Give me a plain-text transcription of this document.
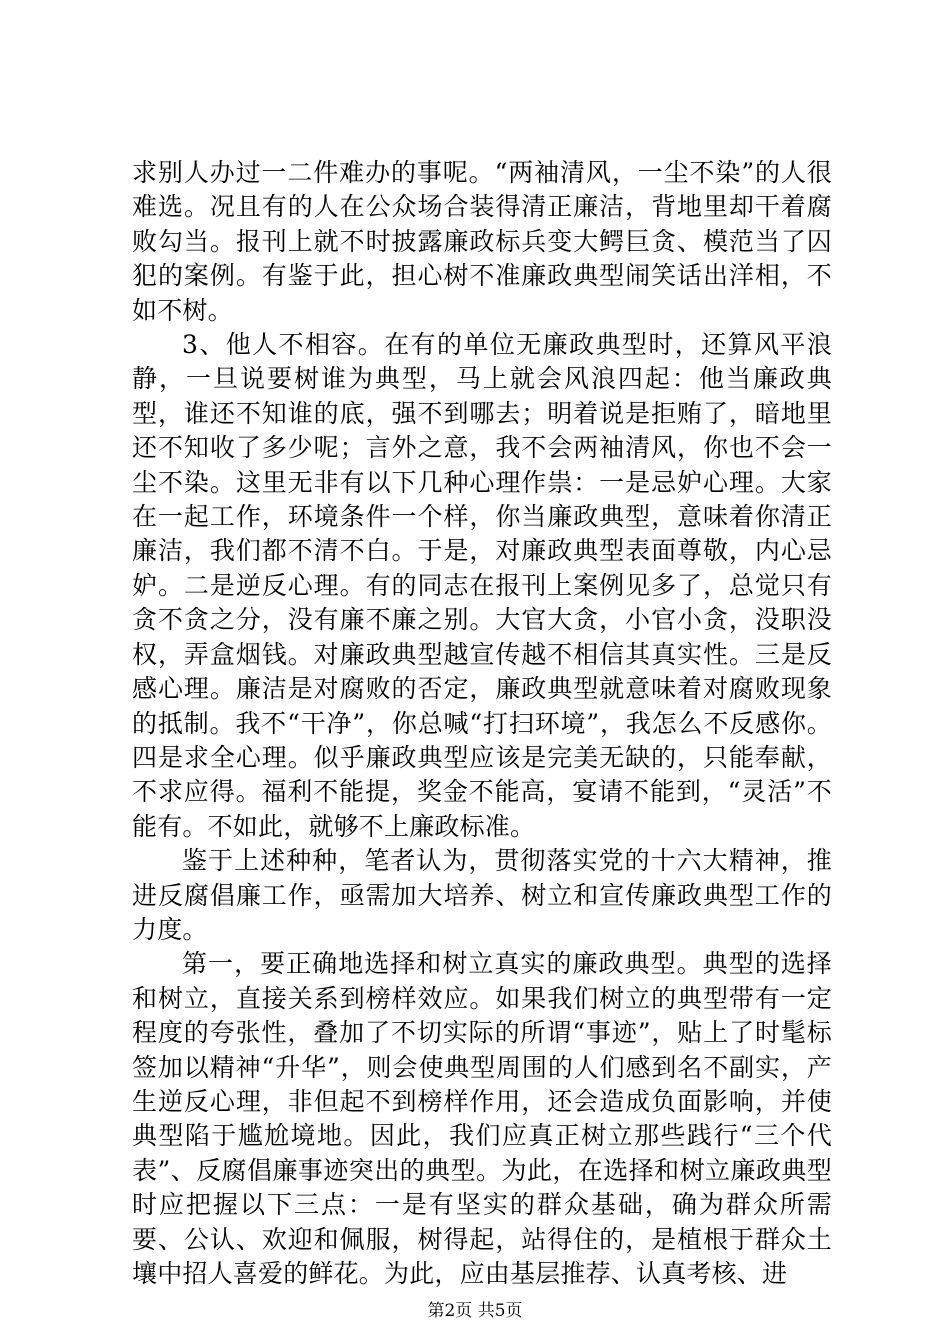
求别人办过一二件难办的事呢。“两袖清风，一尘不染”的人很难选。况且有的人在公众场合装得清正廉洁，背地里却干着腐败勾当。报刊上就不时披露廉政标兵变大鳄巨贪、模范当了囚犯的案例。有鉴于此，担心树不准廉政典型闹笑话出洋相，不如不树。

3、他人不相容。在有的单位无廉政典型时，还算风平浪静，一旦说要树谁为典型，马上就会风浪四起：他当廉政典型，谁还不知谁的底，强不到哪去；明着说是拒贿了，暗地里还不知收了多少呢；言外之意，我不会两袖清风，你也不会一尘不染。这里无非有以下几种心理作祟：一是忌妒心理。大家在一起工作，环境条件一个样，你当廉政典型，意味着你清正廉洁，我们都不清不白。于是，对廉政典型表面尊敬，内心忌妒。二是逆反心理。有的同志在报刊上案例见多了，总觉只有贪不贪之分，没有廉不廉之别。大官大贪，小官小贪，没职没权，弄盒烟钱。对廉政典型越宣传越不相信其真实性。三是反感心理。廉洁是对腐败的否定，廉政典型就意味着对腐败现象的抵制。我不“干净”，你总喊“打扫环境”，我怎么不反感你。四是求全心理。似乎廉政典型应该是完美无缺的，只能奉献，不求应得。福利不能提，奖金不能高，宴请不能到，“灵活”不能有。不如此，就够不上廉政标准。

鉴于上述种种，笔者认为，贯彻落实党的十六大精神，推进反腐倡廉工作，亟需加大培养、树立和宣传廉政典型工作的力度。

第一，要正确地选择和树立真实的廉政典型。典型的选择和树立，直接关系到榜样效应。如果我们树立的典型带有一定程度的夸张性，叠加了不切实际的所谓“事迹”，贴上了时髦标签加以精神“升华”，则会使典型周围的人们感到名不副实，产生逆反心理，非但起不到榜样作用，还会造成负面影响，并使典型陷于尴尬境地。因此，我们应真正树立那些践行“三个代表”、反腐倡廉事迹突出的典型。为此，在选择和树立廉政典型时应把握以下三点：一是有坚实的群众基础，确为群众所需要、公认、欢迎和佩服，树得起，站得住的，是植根于群众土壤中招人喜爱的鲜花。为此，应由基层推荐、认真考核、进

第2页 共5页
